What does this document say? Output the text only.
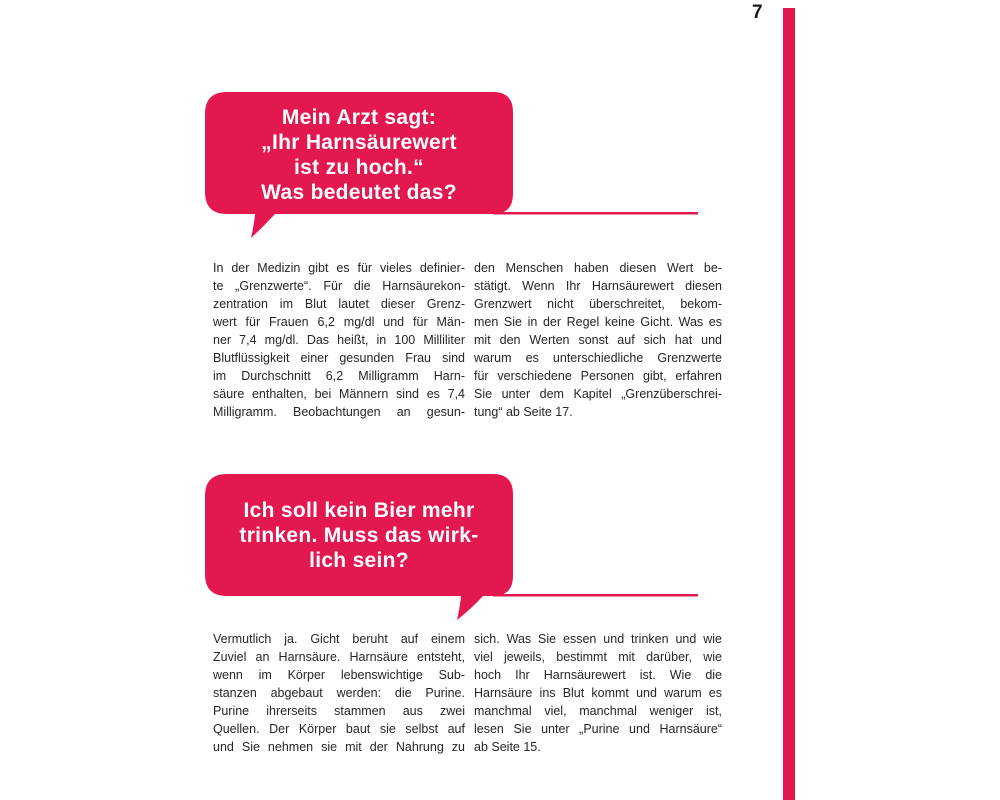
7
Mein Arzt sagt:
„Ihr Harnsäurewert
ist zu hoch.“
Was bedeutet das?
In der Medizin gibt es für vieles definier-
te „Grenzwerte“. Für die Harnsäurekon-
zentration im Blut lautet dieser Grenz-
wert für Frauen 6,2 mg/dl und für Män-
ner 7,4 mg/dl. Das heißt, in 100 Milliliter
Blutflüssigkeit einer gesunden Frau sind
im Durchschnitt 6,2 Milligramm Harn-
säure enthalten, bei Männern sind es 7,4
Milligramm. Beobachtungen an gesun-
den Menschen haben diesen Wert be-
stätigt. Wenn Ihr Harnsäurewert diesen
Grenzwert nicht überschreitet, bekom-
men Sie in der Regel keine Gicht. Was es
mit den Werten sonst auf sich hat und
warum es unterschiedliche Grenzwerte
für verschiedene Personen gibt, erfahren
Sie unter dem Kapitel „Grenzüberschrei-
tung“ ab Seite 17.
Ich soll kein Bier mehr
trinken. Muss das wirk-
lich sein?
Vermutlich ja. Gicht beruht auf einem
Zuviel an Harnsäure. Harnsäure entsteht,
wenn im Körper lebenswichtige Sub-
stanzen abgebaut werden: die Purine.
Purine ihrerseits stammen aus zwei
Quellen. Der Körper baut sie selbst auf
und Sie nehmen sie mit der Nahrung zu
sich. Was Sie essen und trinken und wie
viel jeweils, bestimmt mit darüber, wie
hoch Ihr Harnsäurewert ist. Wie die
Harnsäure ins Blut kommt und warum es
manchmal viel, manchmal weniger ist,
lesen Sie unter „Purine und Harnsäure“
ab Seite 15.
